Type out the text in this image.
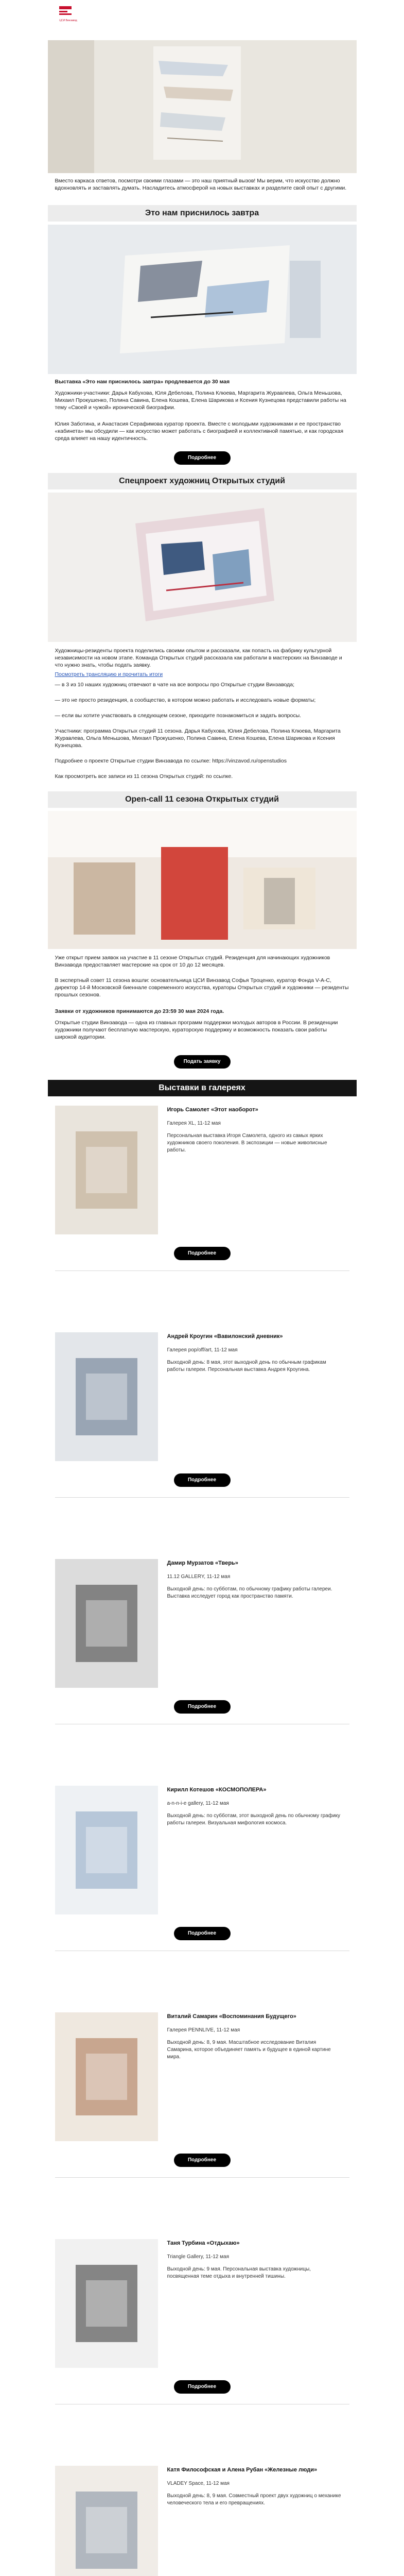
ЦСИ Винзавод
Вместо каркаса ответов, посмотри своими глазами — это наш приятный вызов! Мы верим, что искусство должно вдохновлять и заставлять думать. Насладитесь атмосферой на новых выставках и разделите свой опыт с другими.
Это нам приснилось завтра
Выставка «Это нам приснилось завтра» продлевается до 30 мая
Художники-участники: Дарья Кабухова, Юля Дебелова, Полина Клюева, Маргарита Журавлева, Ольга Меньшова, Михаил Прокушенко, Полина Савина, Елена Кошева, Елена Шарикова и Ксения Кузнецова представили работы на тему «Своей и чужой» иронической биографии.
Юлия Заботина, и Анастасия Серафимова куратор проекта. Вместе с молодыми художниками и ее пространство «кабинета» мы обсудили — как искусство может работать с биографией и коллективной памятью, и как городская среда влияет на нашу идентичность.
Подробнее
Спецпроект художниц Открытых студий
Художницы-резиденты проекта поделились своими опытом и рассказали, как попасть на фабрику культурной независимости на новом этапе. Команда Открытых студий рассказала как работали в мастерских на Винзаводе и что нужно знать, чтобы подать заявку.
Посмотреть трансляцию и прочитать итоги
— в 3 из 10 наших художниц отвечают в чате на все вопросы про Открытые студии Винзавода;
— это не просто резиденция, а сообщество, в котором можно работать и исследовать новые форматы;
— если вы хотите участвовать в следующем сезоне, приходите познакомиться и задать вопросы.
Участники: программа Открытых студий 11 сезона. Дарья Кабухова, Юлия Дебелова, Полина Клюева, Маргарита Журавлева, Ольга Меньшова, Михаил Прокушенко, Полина Савина, Елена Кошева, Елена Шарикова и Ксения Кузнецова.
Подробнее о проекте Открытые студии Винзавода по ссылке: https://vinzavod.ru/openstudios
Как просмотреть все записи из 11 сезона Открытых студий: по ссылке.
Open-call 11 сезона Открытых студий
Уже открыт прием заявок на участие в 11 сезоне Открытых студий. Резиденция для начинающих художников Винзавода предоставляет мастерские на срок от 10 до 12 месяцев.
В экспертный совет 11 сезона вошли: основательница ЦСИ Винзавод Софья Троценко, куратор Фонда V-A-C, директор 14-й Московской биеннале современного искусства, кураторы Открытых студий и художники — резиденты прошлых сезонов.
Заявки от художников принимаются до 23:59 30 мая 2024 года.
Открытые студии Винзавода — одна из главных программ поддержки молодых авторов в России. В резиденции художники получают бесплатную мастерскую, кураторскую поддержку и возможность показать свои работы широкой аудитории.
Подать заявку
Выставки в галереях
Игорь Самолет «Этот наоборот»
Галерея XL, 11-12 мая
Персональная выставка Игоря Самолета, одного из самых ярких художников своего поколения. В экспозиции — новые живописные работы.
Подробнее
Андрей Кроугин «Вавилонский дневник»
Галерея pop/off/art, 11-12 мая
Выходной день: 8 мая, этот выходной день по обычным графикам работы галереи. Персональная выставка Андрея Кроугина.
Подробнее
Дамир Мурзатов «Тверь»
11.12 GALLERY, 11-12 мая
Выходной день: по субботам, по обычному графику работы галереи. Выставка исследует город как пространство памяти.
Подробнее
Кирилл Котешов «КОСМОПОЛЕРА»
a-n-n-i-e gallery, 11-12 мая
Выходной день: по субботам, этот выходной день по обычному графику работы галереи. Визуальная мифология космоса.
Подробнее
Виталий Самарин «Воспоминания Будущего»
Галерея PENNLIVE, 11-12 мая
Выходной день: 8, 9 мая. Масштабное исследование Виталия Самарина, которое объединяет память и будущее в единой картине мира.
Подробнее
Таня Турбина «Отдыхаю»
Triangle Gallery, 11-12 мая
Выходной день: 9 мая. Персональная выставка художницы, посвященная теме отдыха и внутренней тишины.
Подробнее
Катя Философская и Алена Рубан «Железные люди»
VLADEY Space, 11-12 мая
Выходной день: 8, 9 мая. Совместный проект двух художниц о механике человеческого тела и его превращениях.
